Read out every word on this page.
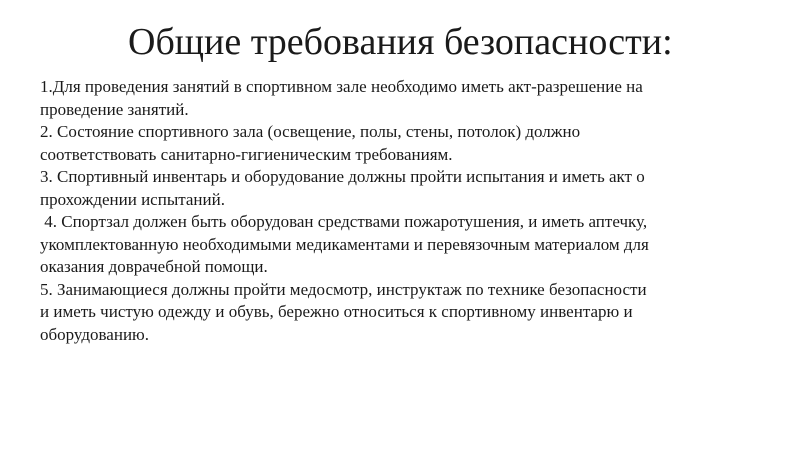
Общие требования безопасности:
1.Для проведения занятий в спортивном зале необходимо иметь акт-разрешение на
проведение занятий.
2. Состояние спортивного зала (освещение, полы, стены, потолок) должно
соответствовать санитарно-гигиеническим требованиям.
3. Спортивный инвентарь и оборудование должны пройти испытания и иметь акт о
прохождении испытаний.
4. Спортзал должен быть оборудован средствами пожаротушения, и иметь аптечку,
укомплектованную необходимыми медикаментами и перевязочным материалом для
оказания доврачебной помощи.
5. Занимающиеся должны пройти медосмотр, инструктаж по технике безопасности
и иметь чистую одежду и обувь, бережно относиться к спортивному инвентарю и
оборудованию.
